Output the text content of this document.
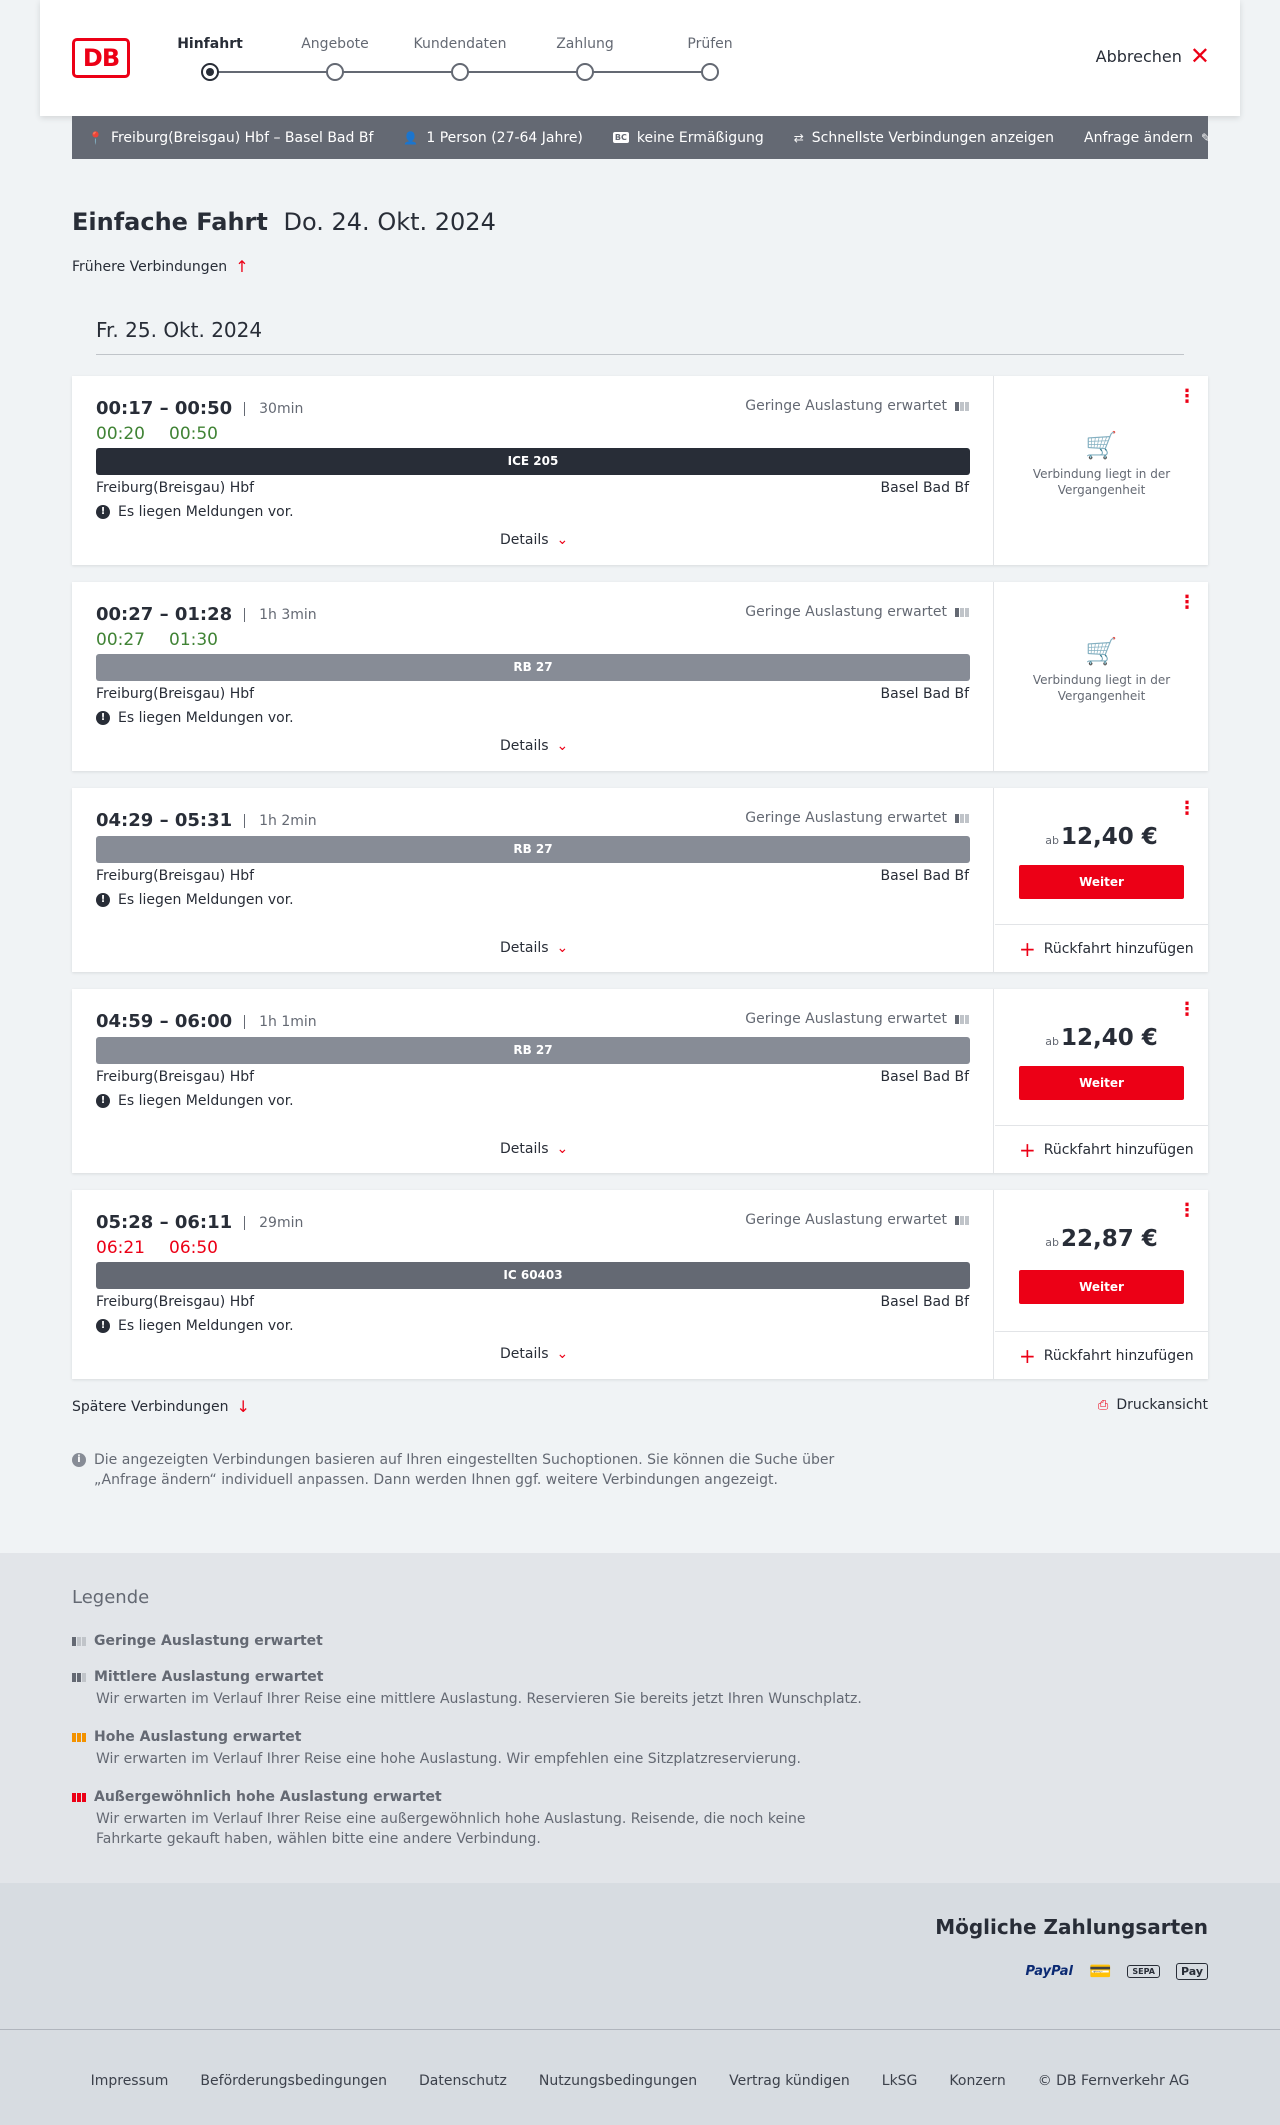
DB	Hinfahrt	Angebote	Kundendaten	Zahlung	Prüfen
Abbrechen ✕
📍 Freiburg(Breisgau) Hbf – Basel Bad Bf	👤 1 Person (27-64 Jahre)	BC keine Ermäßigung	⇄ Schnellste Verbindungen anzeigen Anfrage ändern ✎
Einfache Fahrt Do. 24. Okt. 2024
Frühere Verbindungen ↑
Fr. 25. Okt. 2024
00:17 – 00:50	30min
00:20 00:50
Geringe Auslastung erwartet
ICE 205
Freiburg(Breisgau) Hbf	Basel Bad Bf
! Es liegen Meldungen vor.
Details ⌄
⋮
🛒
Verbindung liegt in der Vergangenheit
00:27 – 01:28	1h 3min
00:27 01:30
Geringe Auslastung erwartet
RB 27
Freiburg(Breisgau) Hbf	Basel Bad Bf
! Es liegen Meldungen vor.
Details ⌄
⋮
🛒
Verbindung liegt in der Vergangenheit
04:29 – 05:31	1h 2min	Geringe Auslastung erwartet
RB 27
Freiburg(Breisgau) Hbf	Basel Bad Bf
! Es liegen Meldungen vor.
Details ⌄
⋮
ab12,40 €
Weiter
+ Rückfahrt hinzufügen
04:59 – 06:00	1h 1min	Geringe Auslastung erwartet
RB 27
Freiburg(Breisgau) Hbf	Basel Bad Bf
! Es liegen Meldungen vor.
Details ⌄
⋮
ab12,40 €
Weiter
+ Rückfahrt hinzufügen
05:28 – 06:11	29min
06:21 06:50
Geringe Auslastung erwartet
IC 60403
Freiburg(Breisgau) Hbf	Basel Bad Bf
! Es liegen Meldungen vor.
Details ⌄
⋮
ab22,87 €
Weiter
+ Rückfahrt hinzufügen
Spätere Verbindungen ↓	⎙ Druckansicht
i Die angezeigten Verbindungen basieren auf Ihren eingestellten Suchoptionen. Sie können die Suche über „Anfrage ändern“ individuell anpassen. Dann werden Ihnen ggf. weitere Verbindungen angezeigt.
Legende
Geringe Auslastung erwartet
Mittlere Auslastung erwartet
Wir erwarten im Verlauf Ihrer Reise eine mittlere Auslastung. Reservieren Sie bereits jetzt Ihren Wunschplatz.
Hohe Auslastung erwartet
Wir erwarten im Verlauf Ihrer Reise eine hohe Auslastung. Wir empfehlen eine Sitzplatzreservierung.
Außergewöhnlich hohe Auslastung erwartet
Wir erwarten im Verlauf Ihrer Reise eine außergewöhnlich hohe Auslastung. Reisende, die noch keine Fahrkarte gekauft haben, wählen bitte eine andere Verbindung.
Mögliche Zahlungsarten
PayPal 💳	SEPA	Pay
Impressum Beförderungsbedingungen Datenschutz Nutzungsbedingungen Vertrag kündigen LkSG Konzern © DB Fernverkehr AG
